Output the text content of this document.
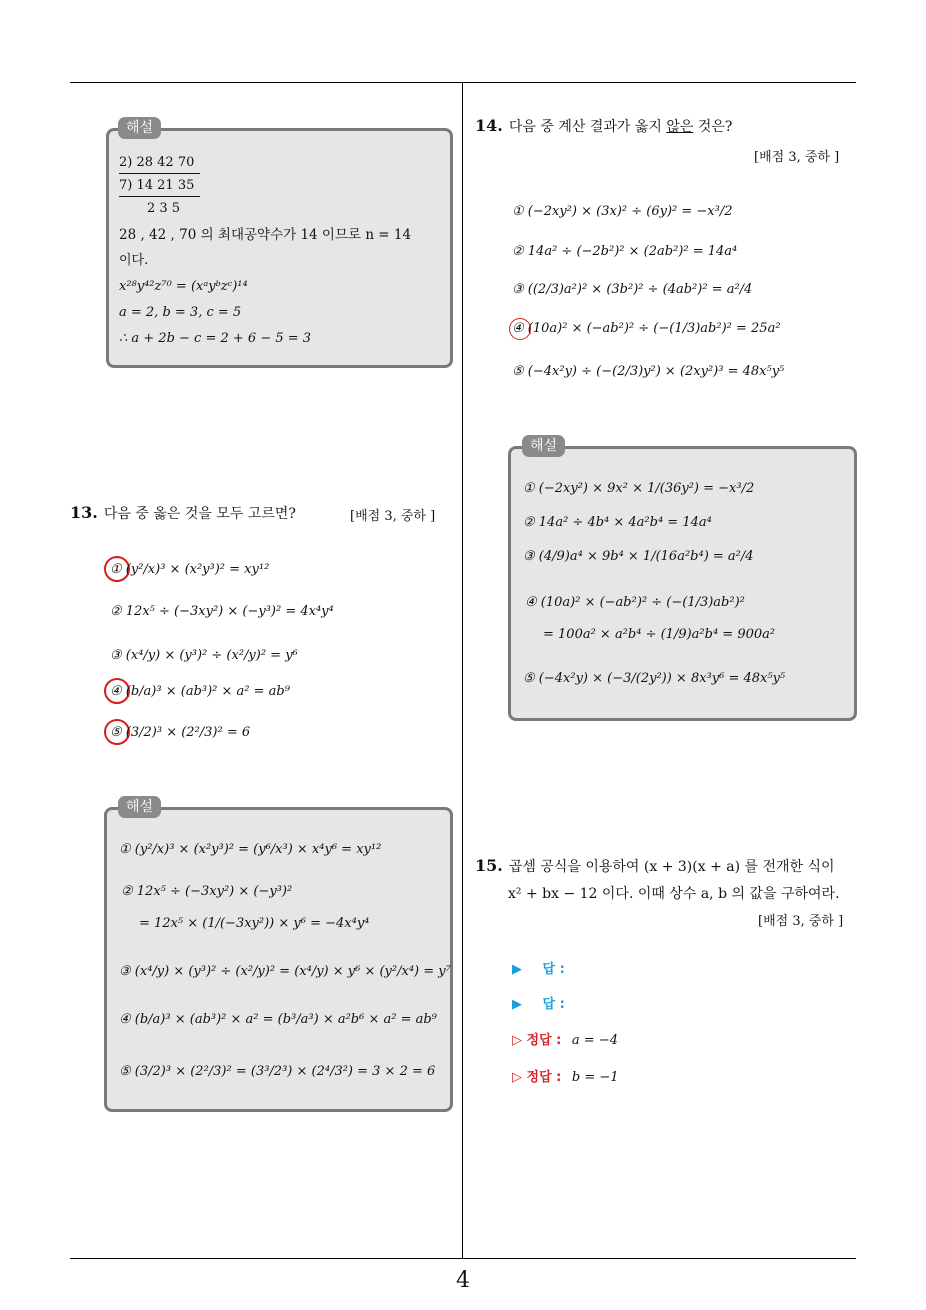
4
2) 28 42 70
7) 14 21 35
2 3 5
28 , 42 , 70 의 최대공약수가 14 이므로 n = 14
이다.
x²⁸y⁴²z⁷⁰ = (xᵃyᵇzᶜ)¹⁴
a = 2, b = 3, c = 5
∴ a + 2b − c = 2 + 6 − 5 = 3
해설
13. 다음 중 옳은 것을 모두 고르면?	[배점 3, 중하 ]
① (y²/x)³ × (x²y³)² = xy¹²
② 12x⁵ ÷ (−3xy²) × (−y³)² = 4x⁴y⁴
③ (x⁴/y) × (y³)² ÷ (x²/y)² = y⁶
④ (b/a)³ × (ab³)² × a² = ab⁹
⑤ (3/2)³ × (2²/3)² = 6
① (y²/x)³ × (x²y³)² = (y⁶/x³) × x⁴y⁶ = xy¹²
② 12x⁵ ÷ (−3xy²) × (−y³)²
= 12x⁵ × (1/(−3xy²)) × y⁶ = −4x⁴y⁴
③ (x⁴/y) × (y³)² ÷ (x²/y)² = (x⁴/y) × y⁶ × (y²/x⁴) = y⁷
④ (b/a)³ × (ab³)² × a² = (b³/a³) × a²b⁶ × a² = ab⁹
⑤ (3/2)³ × (2²/3)² = (3³/2³) × (2⁴/3²) = 3 × 2 = 6
해설
14. 다음 중 계산 결과가 옳지 않은 것은?
[배점 3, 중하 ]
① (−2xy²) × (3x)² ÷ (6y)² = −x³/2
② 14a² ÷ (−2b²)² × (2ab²)² = 14a⁴
③ ((2/3)a²)² × (3b²)² ÷ (4ab²)² = a²/4
④ (10a)² × (−ab²)² ÷ (−(1/3)ab²)² = 25a²
⑤ (−4x²y) ÷ (−(2/3)y²) × (2xy²)³ = 48x⁵y⁵
① (−2xy²) × 9x² × 1/(36y²) = −x³/2
② 14a² ÷ 4b⁴ × 4a²b⁴ = 14a⁴
③ (4/9)a⁴ × 9b⁴ × 1/(16a²b⁴) = a²/4
④ (10a)² × (−ab²)² ÷ (−(1/3)ab²)²
= 100a² × a²b⁴ ÷ (1/9)a²b⁴ = 900a²
⑤ (−4x²y) × (−3/(2y²)) × 8x³y⁶ = 48x⁵y⁵
해설
15. 곱셈 공식을 이용하여 (x + 3)(x + a) 를 전개한 식이
x² + bx − 12 이다. 이때 상수 a, b 의 값을 구하여라.
[배점 3, 중하 ]
▶ 답 :
▶ 답 :
▷ 정답 : a = −4
▷ 정답 : b = −1
